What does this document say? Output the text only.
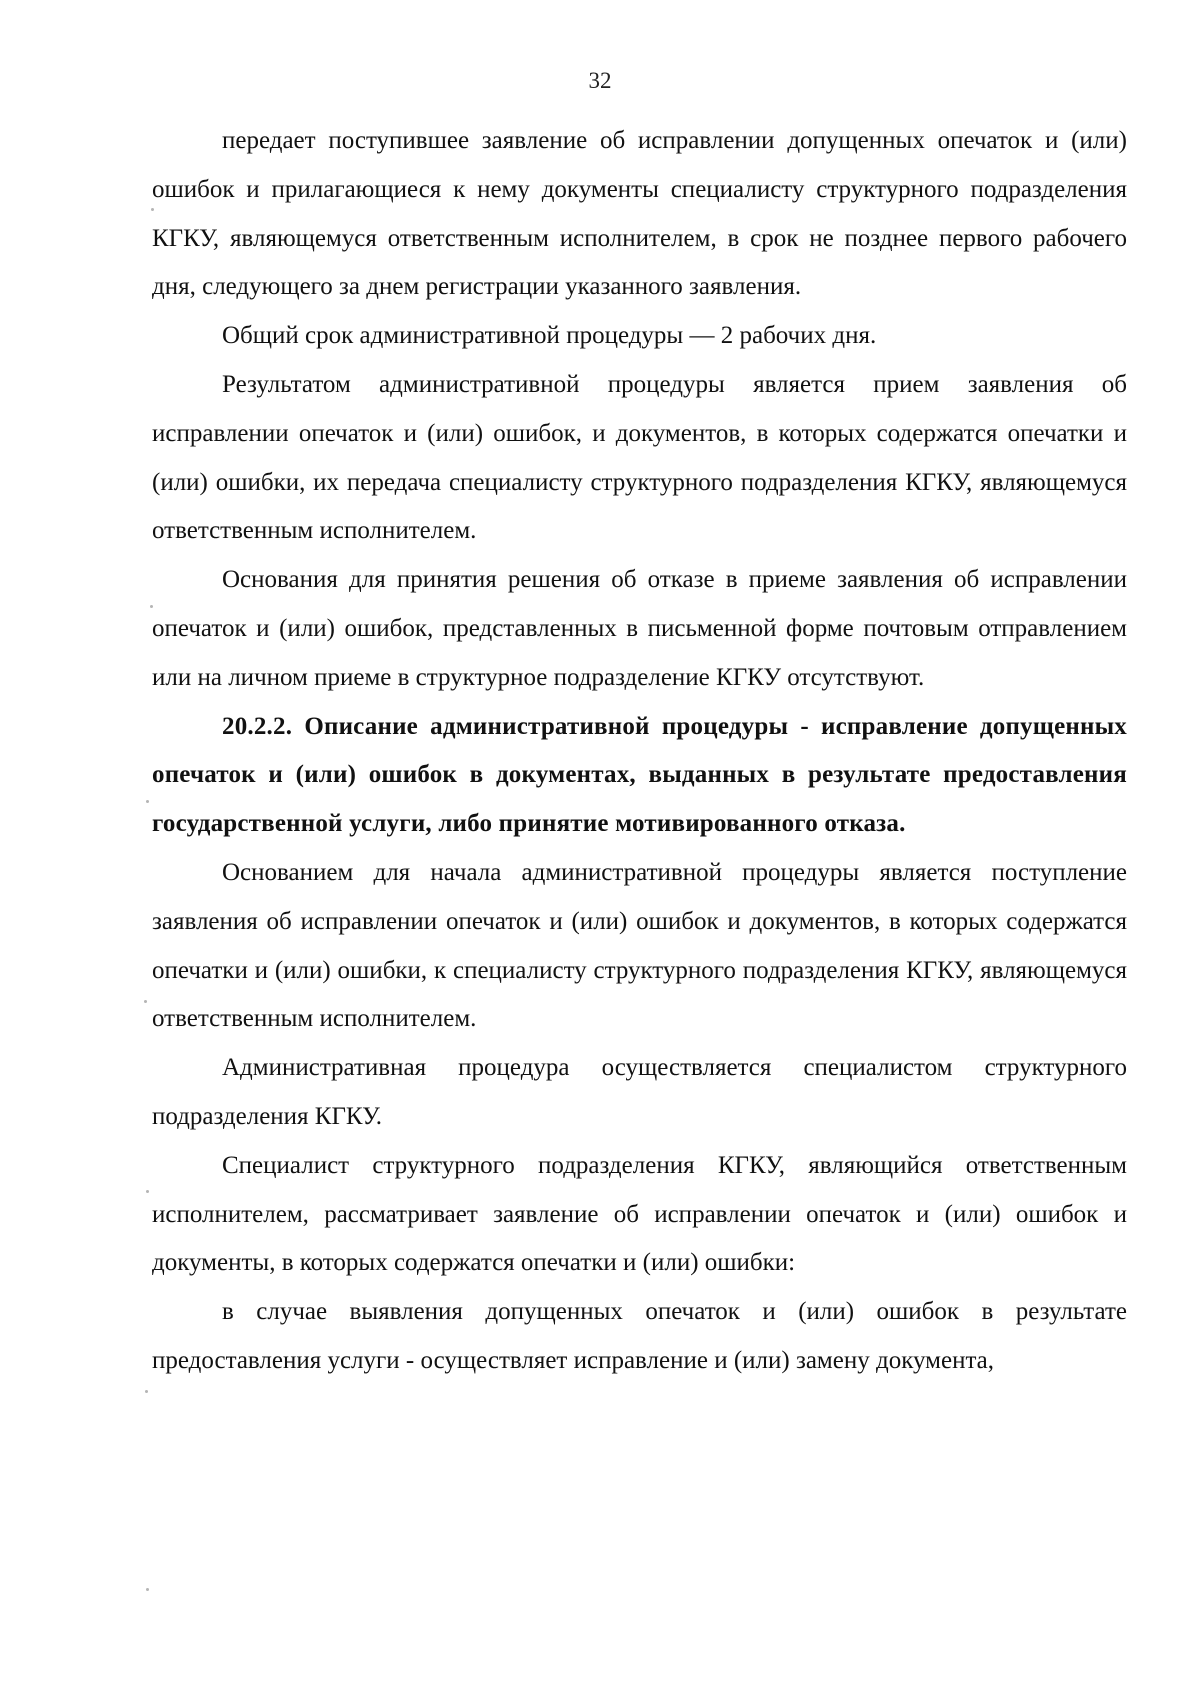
32

передает поступившее заявление об исправлении допущенных опечаток и (или) ошибок и прилагающиеся к нему документы специалисту структурного подразделения КГКУ, являющемуся ответственным исполнителем, в срок не позднее первого рабочего дня, следующего за днем регистрации указанного заявления.

Общий срок административной процедуры — 2 рабочих дня.

Результатом административной процедуры является прием заявления об исправлении опечаток и (или) ошибок, и документов, в которых содержатся опечатки и (или) ошибки, их передача специалисту структурного подразделения КГКУ, являющемуся ответственным исполнителем.

Основания для принятия решения об отказе в приеме заявления об исправлении опечаток и (или) ошибок, представленных в письменной форме почтовым отправлением или на личном приеме в структурное подразделение КГКУ отсутствуют.

20.2.2. Описание административной процедуры - исправление допущенных опечаток и (или) ошибок в документах, выданных в результате предоставления государственной услуги, либо принятие мотивированного отказа.

Основанием для начала административной процедуры является поступление заявления об исправлении опечаток и (или) ошибок и документов, в которых содержатся опечатки и (или) ошибки, к специалисту структурного подразделения КГКУ, являющемуся ответственным исполнителем.

Административная процедура осуществляется специалистом структурного подразделения КГКУ.

Специалист структурного подразделения КГКУ, являющийся ответственным исполнителем, рассматривает заявление об исправлении опечаток и (или) ошибок и документы, в которых содержатся опечатки и (или) ошибки:

в случае выявления допущенных опечаток и (или) ошибок в результате предоставления услуги - осуществляет исправление и (или) замену документа,
